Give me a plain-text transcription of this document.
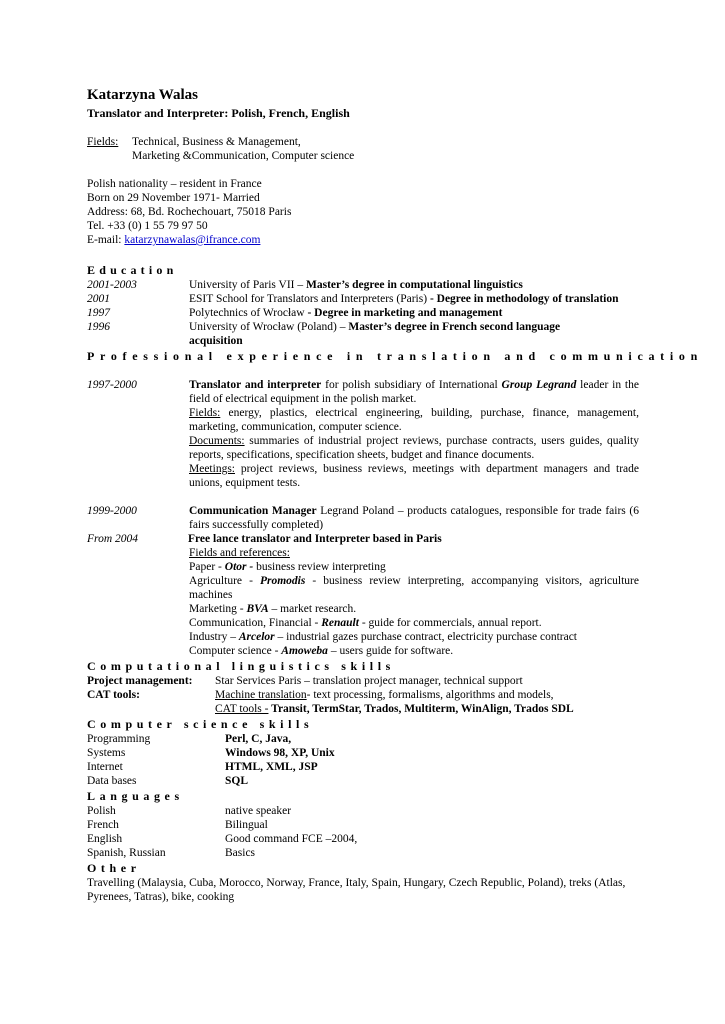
Katarzyna Walas
Translator and Interpreter: Polish, French, English
Fields:	Technical, Business & Management,
Marketing &Communication, Computer science
Polish nationality – resident in France
Born on 29 November 1971- Married
Address: 68, Bd. Rochechouart, 75018 Paris
Tel. +33 (0) 1 55 79 97 50
E-mail: katarzynawalas@ifrance.com
Education
2001-2003	University of Paris VII – Master’s degree in computational linguistics
2001	ESIT School for Translators and Interpreters (Paris) - Degree in methodology of translation
1997	Polytechnics of Wrocław - Degree in marketing and management
1996	University of Wrocław (Poland) – Master’s degree in French second language acquisition
Professional experience in translation and communication
1997-2000	Translator and interpreter for polish subsidiary of International Group Legrand leader in the field of electrical equipment in the polish market.
Fields: energy, plastics, electrical engineering, building, purchase, finance, management, marketing, communication, computer science.
Documents: summaries of industrial project reviews, purchase contracts, users guides, quality reports, specifications, specification sheets, budget and finance documents.
Meetings: project reviews, business reviews, meetings with department managers and trade unions, equipment tests.
1999-2000	Communication Manager Legrand Poland – products catalogues, responsible for trade fairs (6 fairs successfully completed)
From 2004	Free lance translator and Interpreter based in Paris
Fields and references:
Paper - Otor - business review interpreting
Agriculture - Promodis - business review interpreting, accompanying visitors, agriculture machines
Marketing - BVA – market research.
Communication, Financial - Renault - guide for commercials, annual report.
Industry – Arcelor – industrial gazes purchase contract, electricity purchase contract
Computer science - Amoweba – users guide for software.
Computational linguistics skills
Project management:	Star Services Paris – translation project manager, technical support
CAT tools:	Machine translation- text processing, formalisms, algorithms and models,
CAT tools - Transit, TermStar, Trados, Multiterm, WinAlign, Trados SDL
Computer science skills
Programming	Perl, C, Java,
Systems	Windows 98, XP, Unix
Internet	HTML, XML, JSP
Data bases	SQL
Languages
Polish	native speaker
French	Bilingual
English	Good command FCE –2004,
Spanish, Russian	Basics
Other
Travelling (Malaysia, Cuba, Morocco, Norway, France, Italy, Spain, Hungary, Czech Republic, Poland), treks (Atlas, Pyrenees, Tatras), bike, cooking
